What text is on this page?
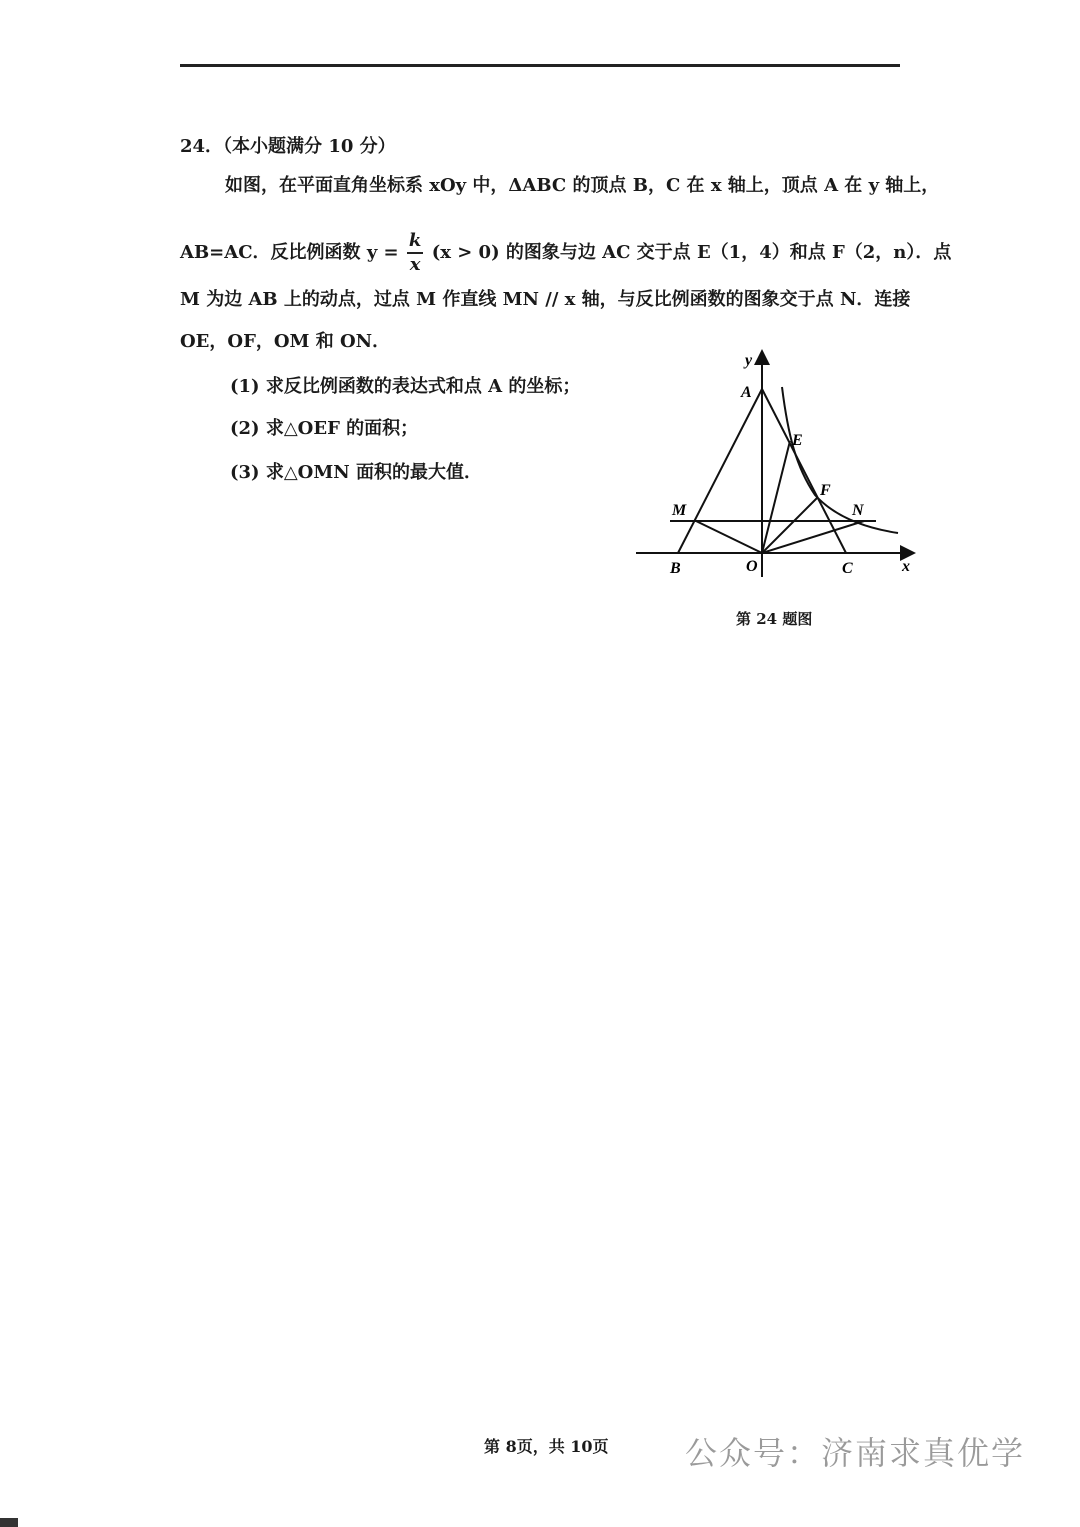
24．（本小题满分 10 分）
如图，在平面直角坐标系 xOy 中，ΔABC 的顶点 B，C 在 x 轴上，顶点 A 在 y 轴上，
AB=AC．反比例函数 $y = \frac{k}{x} (x > 0)$ 的图象与边 AC 交于点 E（1，4）和点 F（2，n）．点
M 为边 AB 上的动点，过点 M 作直线 MN // x 轴，与反比例函数的图象交于点 N．连接
OE，OF，OM 和 ON．
(1) 求反比例函数的表达式和点 A 的坐标；
(2) 求△OEF 的面积；
(3) 求△OMN 面积的最大值．
y
A
E
F
M	N
B	O	C	x
第 24 题图
第 8页，共 10页 公众号：济南求真优学
